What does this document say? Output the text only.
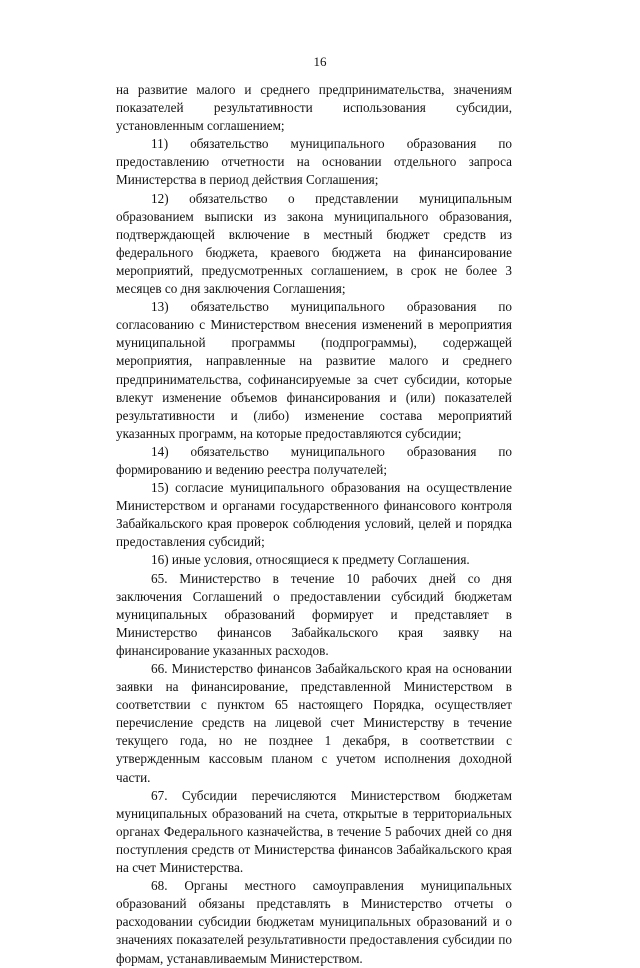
16

на развитие малого и среднего предпринимательства, значениям показателей результативности использования субсидии, установленным соглашением;

11) обязательство муниципального образования по предоставлению отчетности на основании отдельного запроса Министерства в период действия Соглашения;

12) обязательство о представлении муниципальным образованием выписки из закона муниципального образования, подтверждающей включение в местный бюджет средств из федерального бюджета, краевого бюджета на финансирование мероприятий, предусмотренных соглашением, в срок не более 3 месяцев со дня заключения Соглашения;

13) обязательство муниципального образования по согласованию с Министерством внесения изменений в мероприятия муниципальной программы (подпрограммы), содержащей мероприятия, направленные на развитие малого и среднего предпринимательства, софинансируемые за счет субсидии, которые влекут изменение объемов финансирования и (или) показателей результативности и (либо) изменение состава мероприятий указанных программ, на которые предоставляются субсидии;

14) обязательство муниципального образования по формированию и ведению реестра получателей;

15) согласие муниципального образования на осуществление Министерством и органами государственного финансового контроля Забайкальского края проверок соблюдения условий, целей и порядка предоставления субсидий;

16) иные условия, относящиеся к предмету Соглашения.

65. Министерство в течение 10 рабочих дней со дня заключения Соглашений о предоставлении субсидий бюджетам муниципальных образований формирует и представляет в Министерство финансов Забайкальского края заявку на финансирование указанных расходов.

66. Министерство финансов Забайкальского края на основании заявки на финансирование, представленной Министерством в соответствии с пунктом 65 настоящего Порядка, осуществляет перечисление средств на лицевой счет Министерству в течение текущего года, но не позднее 1 декабря, в соответствии с утвержденным кассовым планом с учетом исполнения доходной части.

67. Субсидии перечисляются Министерством бюджетам муниципальных образований на счета, открытые в территориальных органах Федерального казначейства, в течение 5 рабочих дней со дня поступления средств от Министерства финансов Забайкальского края на счет Министерства.

68. Органы местного самоуправления муниципальных образований обязаны представлять в Министерство отчеты о расходовании субсидии бюджетам муниципальных образований и о значениях показателей результативности предоставления субсидии по формам, устанавливаемым Министерством.
